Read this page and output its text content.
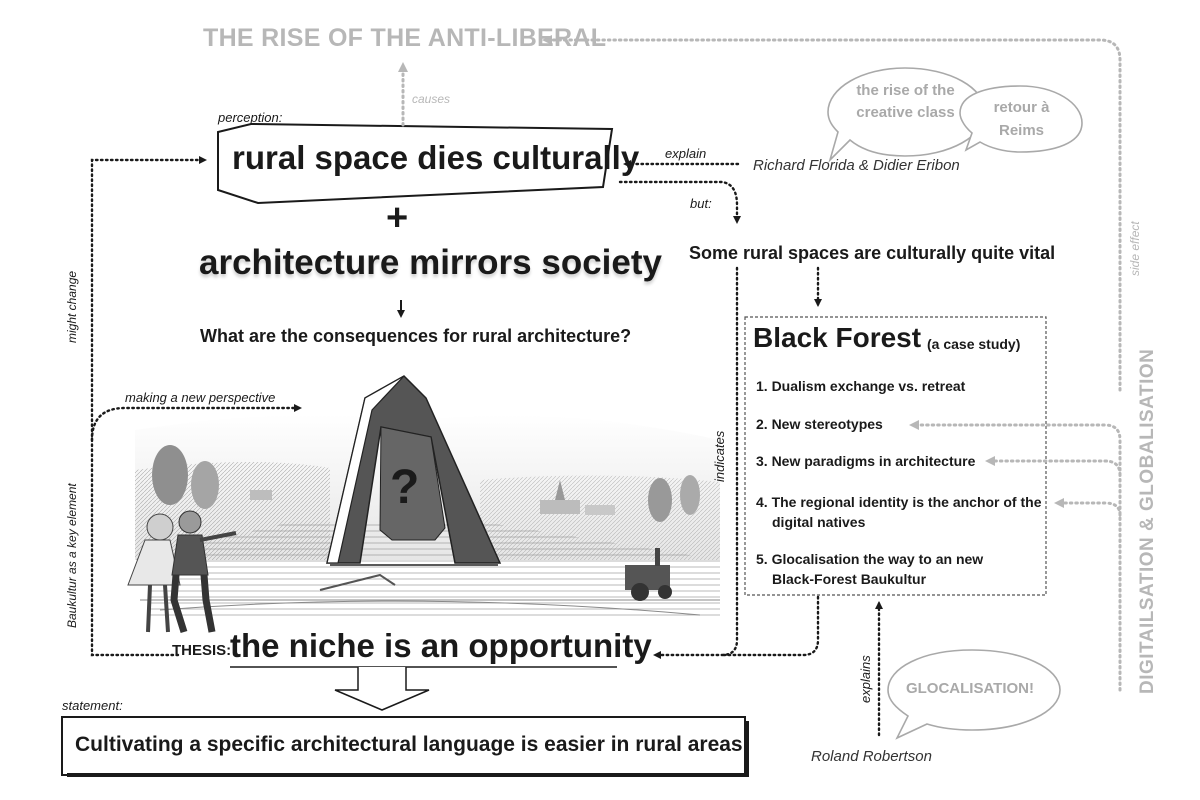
THE RISE OF THE ANTI-LIBERAL
causes
perception:
rural space dies culturally explain
Richard Florida & Didier Eribon
but:
+
architecture mirrors society Some rural spaces are culturally quite vital
What are the consequences for rural architecture?
making a new perspective
?
Black Forest (a case study)
1. Dualism exchange vs. retreat
2. New stereotypes
3. New paradigms in architecture
4. The regional identity is the anchor of the
digital natives
5. Glocalisation the way to an new
Black-Forest Baukultur
THESIS:
the niche is an opportunity
statement:
Cultivating a specific architectural language is easier in rural areas!
Roland Robertson
the rise of the
creative class	retour à
Reims
GLOCALISATION!
might change
Baukultur as a key element
indicates
explains
side effect
DIGITAILSATION & GLOBALISATION
